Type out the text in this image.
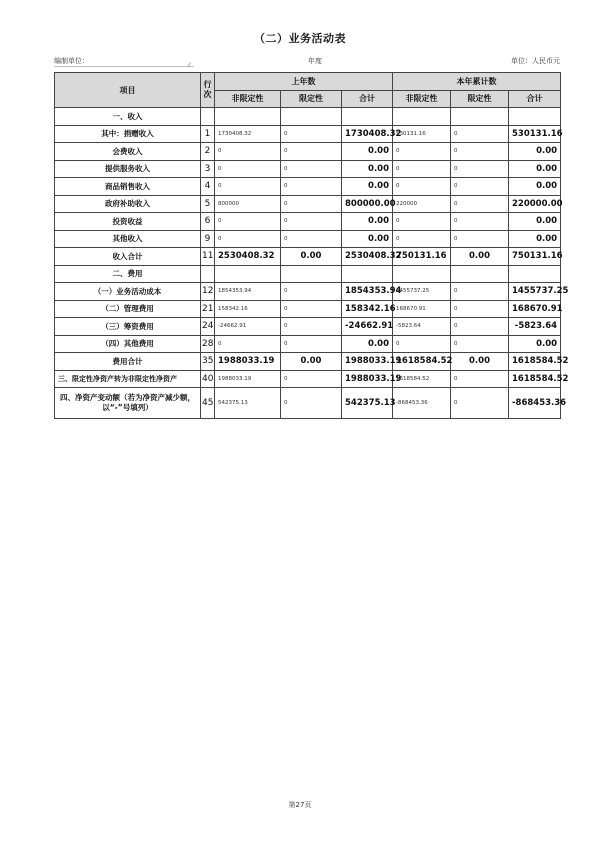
（二）业务活动表
编制单位：
⁄⁄
年度	单位：人民币元
项目	行次	上年数			本年累计数		
		非限定性	限定性	合计	非限定性	限定性	合计
一、收入							
其中：捐赠收入	1	1730408.32	0	1730408.32	530131.16	0	530131.16
会费收入	2	0	0	0.00	0	0	0.00
提供服务收入	3	0	0	0.00	0	0	0.00
商品销售收入	4	0	0	0.00	0	0	0.00
政府补助收入	5	800000	0	800000.00	220000	0	220000.00
投资收益	6	0	0	0.00	0	0	0.00
其他收入	9	0	0	0.00	0	0	0.00
收入合计	11	2530408.32	0.00	2530408.32	750131.16	0.00	750131.16
二、费用							
（一）业务活动成本	12	1854353.94	0	1854353.94	1455737.25	0	1455737.25
（二）管理费用	21	158342.16	0	158342.16	168670.91	0	168670.91
（三）筹资费用	24	-24662.91	0	-24662.91	-5823.64	0	-5823.64
（四）其他费用	28	0	0	0.00	0	0	0.00
费用合计	35	1988033.19	0.00	1988033.19	1618584.52	0.00	1618584.52
三、限定性净资产转为非限定性净资产	40	1988033.19	0	1988033.19	1618584.52	0	1618584.52
四、净资产变动额（若为净资产减少额，以“-”号填列）	45	542375.13	0	542375.13	-868453.36	0	-868453.36
第27页
